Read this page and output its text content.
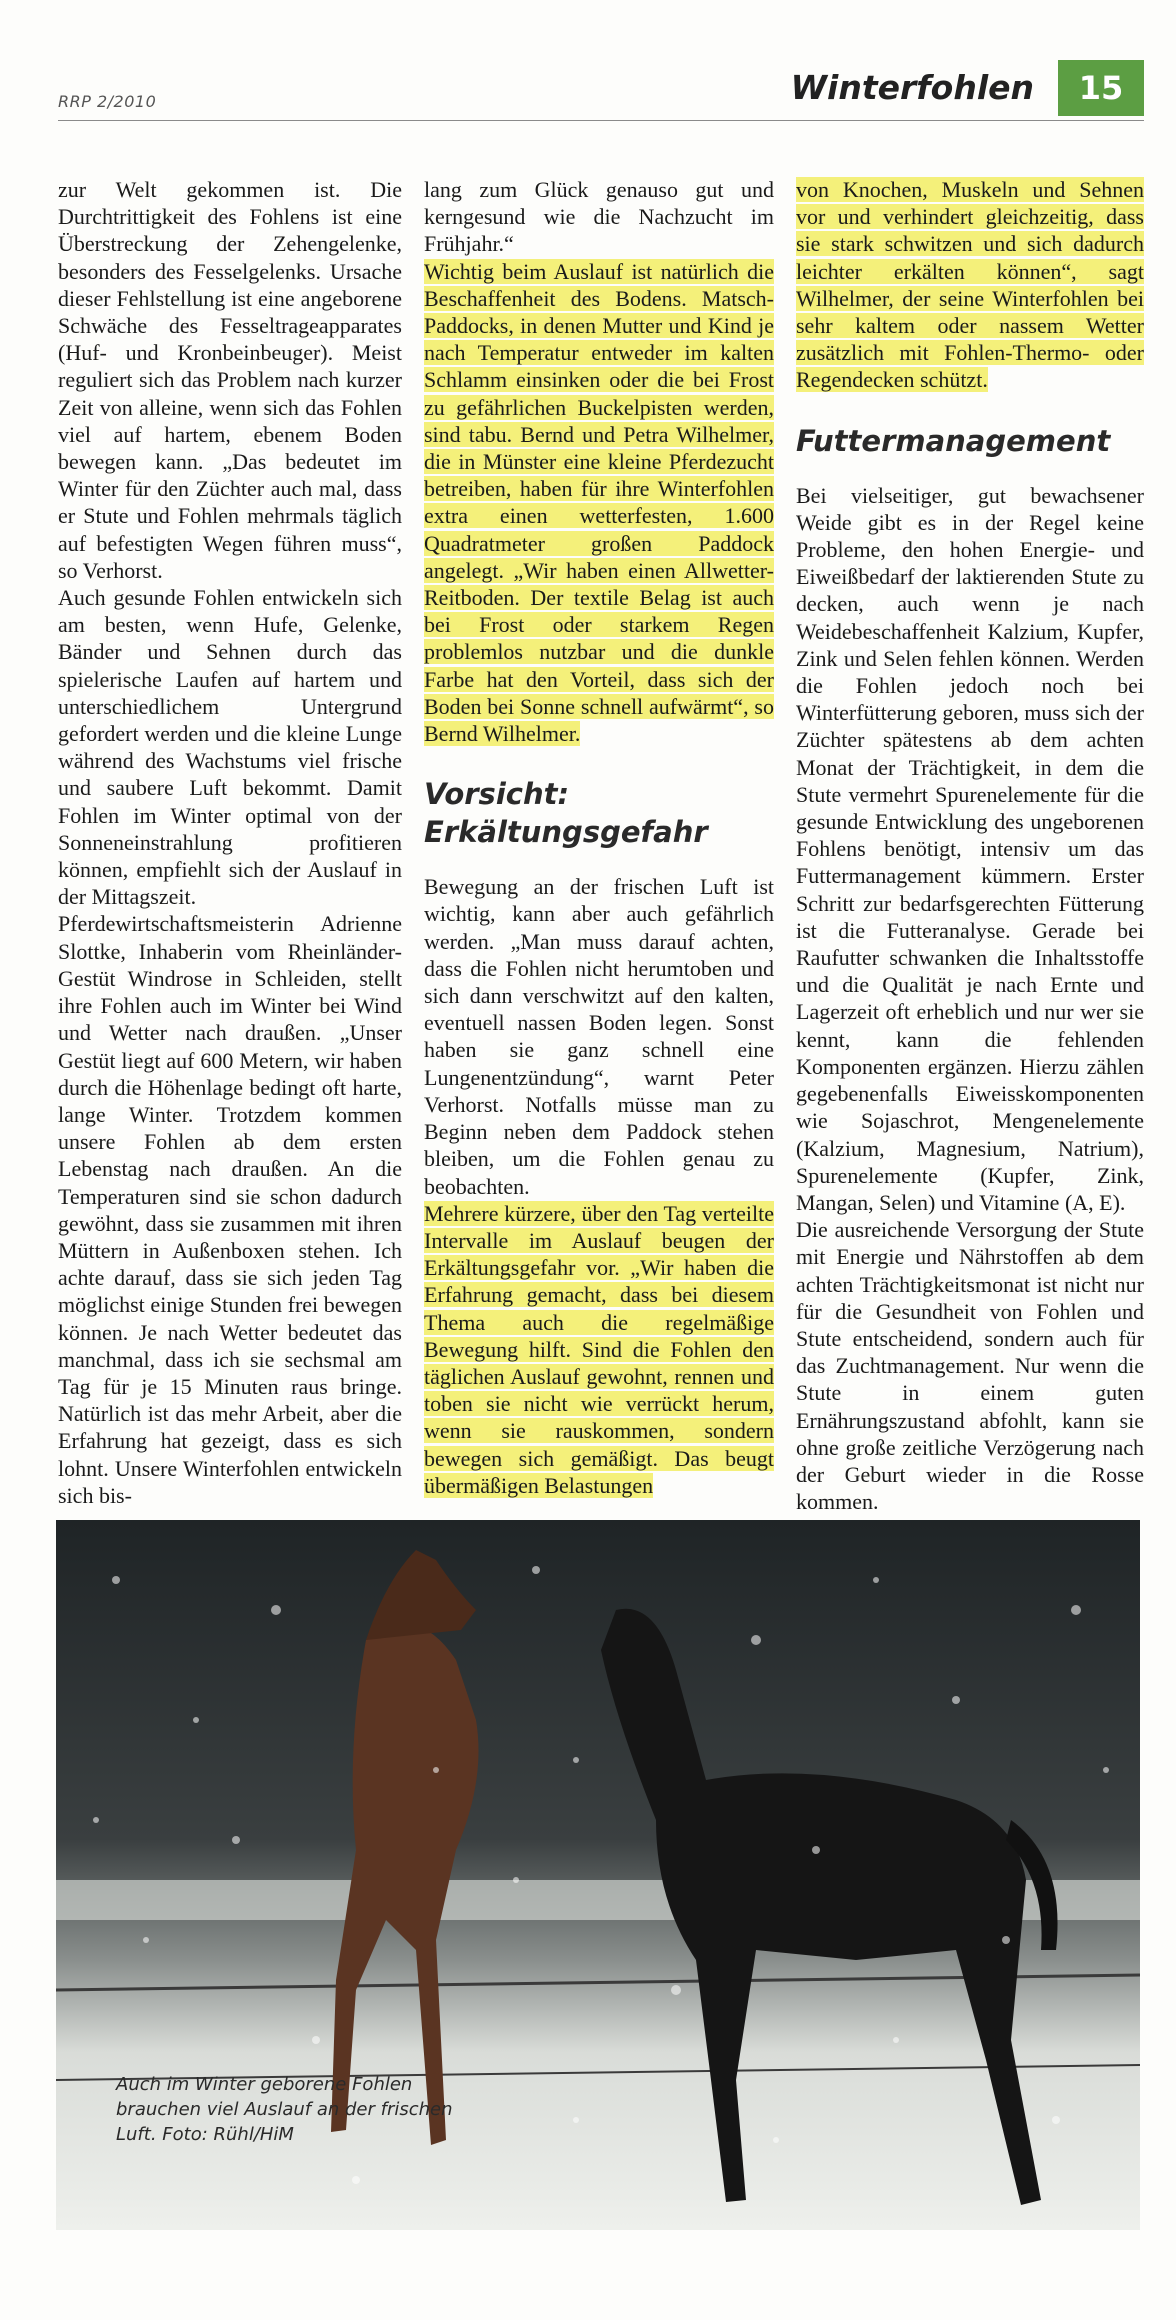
RRP 2/2010	Winterfohlen	15

zur Welt gekommen ist. Die Durchtrittigkeit des Fohlens ist eine Überstreckung der Zehengelenke, besonders des Fesselgelenks. Ursache dieser Fehlstellung ist eine angeborene Schwäche des Fesseltrageapparates (Huf- und Kronbeinbeuger). Meist reguliert sich das Problem nach kurzer Zeit von alleine, wenn sich das Fohlen viel auf hartem, ebenem Boden bewegen kann. „Das bedeutet im Winter für den Züchter auch mal, dass er Stute und Fohlen mehrmals täglich auf befestigten Wegen führen muss“, so Verhorst.

Auch gesunde Fohlen entwickeln sich am besten, wenn Hufe, Gelenke, Bänder und Sehnen durch das spielerische Laufen auf hartem und unterschiedlichem Untergrund gefordert werden und die kleine Lunge während des Wachstums viel frische und saubere Luft bekommt. Damit Fohlen im Winter optimal von der Sonneneinstrahlung profitieren können, empfiehlt sich der Auslauf in der Mittagszeit.

Pferdewirtschaftsmeisterin Adrienne Slottke, Inhaberin vom Rheinländer-Gestüt Windrose in Schleiden, stellt ihre Fohlen auch im Winter bei Wind und Wetter nach draußen. „Unser Gestüt liegt auf 600 Metern, wir haben durch die Höhenlage bedingt oft harte, lange Winter. Trotzdem kommen unsere Fohlen ab dem ersten Lebenstag nach draußen. An die Temperaturen sind sie schon dadurch gewöhnt, dass sie zusammen mit ihren Müttern in Außenboxen stehen. Ich achte darauf, dass sie sich jeden Tag möglichst einige Stunden frei bewegen können. Je nach Wetter bedeutet das manchmal, dass ich sie sechsmal am Tag für je 15 Minuten raus bringe. Natürlich ist das mehr Arbeit, aber die Erfahrung hat gezeigt, dass es sich lohnt. Unsere Winterfohlen entwickeln sich bis-

lang zum Glück genauso gut und kerngesund wie die Nachzucht im Frühjahr.“

Wichtig beim Auslauf ist natürlich die Beschaffenheit des Bodens. Matsch-Paddocks, in denen Mutter und Kind je nach Temperatur entweder im kalten Schlamm einsinken oder die bei Frost zu gefährlichen Buckelpisten werden, sind tabu. Bernd und Petra Wilhelmer, die in Münster eine kleine Pferdezucht betreiben, haben für ihre Winterfohlen extra einen wetterfesten, 1.600 Quadratmeter großen Paddock angelegt. „Wir haben einen Allwetter-Reitboden. Der textile Belag ist auch bei Frost oder starkem Regen problemlos nutzbar und die dunkle Farbe hat den Vorteil, dass sich der Boden bei Sonne schnell aufwärmt“, so Bernd Wilhelmer.

Vorsicht: Erkältungsgefahr

Bewegung an der frischen Luft ist wichtig, kann aber auch gefährlich werden. „Man muss darauf achten, dass die Fohlen nicht herumtoben und sich dann verschwitzt auf den kalten, eventuell nassen Boden legen. Sonst haben sie ganz schnell eine Lungenentzündung“, warnt Peter Verhorst. Notfalls müsse man zu Beginn neben dem Paddock stehen bleiben, um die Fohlen genau zu beobachten.

Mehrere kürzere, über den Tag verteilte Intervalle im Auslauf beugen der Erkältungsgefahr vor. „Wir haben die Erfahrung gemacht, dass bei diesem Thema auch die regelmäßige Bewegung hilft. Sind die Fohlen den täglichen Auslauf gewohnt, rennen und toben sie nicht wie verrückt herum, wenn sie rauskommen, sondern bewegen sich gemäßigt. Das beugt übermäßigen Belastungen

von Knochen, Muskeln und Sehnen vor und verhindert gleichzeitig, dass sie stark schwitzen und sich dadurch leichter erkälten können“, sagt Wilhelmer, der seine Winterfohlen bei sehr kaltem oder nassem Wetter zusätzlich mit Fohlen-Thermo- oder Regendecken schützt.

Futtermanagement

Bei vielseitiger, gut bewachsener Weide gibt es in der Regel keine Probleme, den hohen Energie- und Eiweißbedarf der laktierenden Stute zu decken, auch wenn je nach Weidebeschaffenheit Kalzium, Kupfer, Zink und Selen fehlen können. Werden die Fohlen jedoch noch bei Winterfütterung geboren, muss sich der Züchter spätestens ab dem achten Monat der Trächtigkeit, in dem die Stute vermehrt Spurenelemente für die gesunde Entwicklung des ungeborenen Fohlens benötigt, intensiv um das Futtermanagement kümmern. Erster Schritt zur bedarfsgerechten Fütterung ist die Futteranalyse. Gerade bei Raufutter schwanken die Inhaltsstoffe und die Qualität je nach Ernte und Lagerzeit oft erheblich und nur wer sie kennt, kann die fehlenden Komponenten ergänzen. Hierzu zählen gegebenenfalls Eiweisskomponenten wie Sojaschrot, Mengenelemente (Kalzium, Magnesium, Natrium), Spurenelemente (Kupfer, Zink, Mangan, Selen) und Vitamine (A, E).

Die ausreichende Versorgung der Stute mit Energie und Nährstoffen ab dem achten Trächtigkeitsmonat ist nicht nur für die Gesundheit von Fohlen und Stute entscheidend, sondern auch für das Zuchtmanagement. Nur wenn die Stute in einem guten Ernährungszustand abfohlt, kann sie ohne große zeitliche Verzögerung nach der Geburt wieder in die Rosse kommen.

Auch im Winter geborene Fohlen brauchen viel Auslauf an der frischen Luft. Foto: Rühl/HiM
